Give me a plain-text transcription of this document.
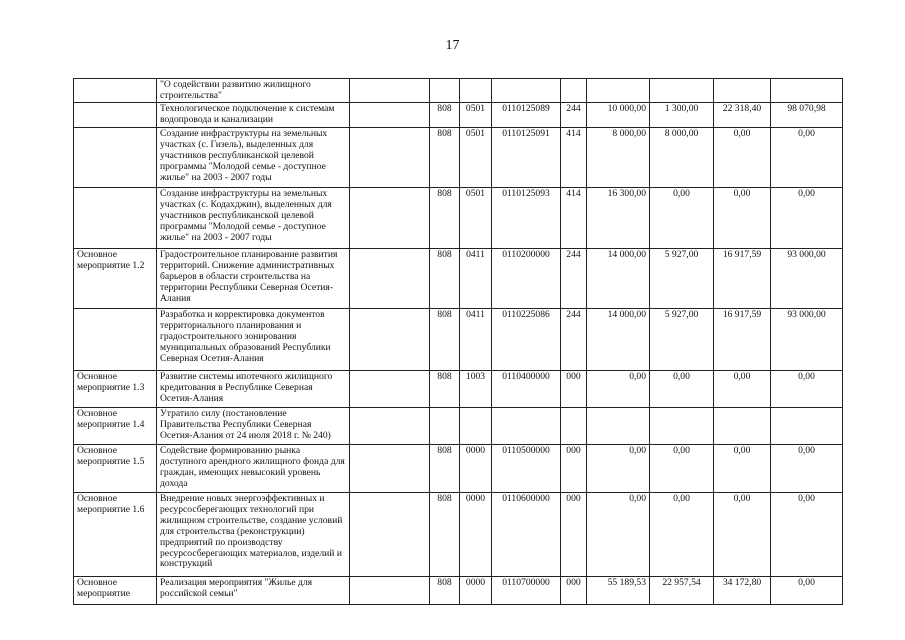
17
	"О содействии развитию жилищного строительства"									
	Технологическое подключение к системам водопровода и канализации		808	0501	0110125089	244	10 000,00	1 300,00	22 318,40	98 070,98
	Создание инфраструктуры на земельных участках (с. Гизель), выделенных для участников республиканской целевой программы "Молодой семье - доступное жилье" на 2003 - 2007 годы		808	0501	0110125091	414	8 000,00	8 000,00	0,00	0,00
	Создание инфраструктуры на земельных участках (с. Кодахджин), выделенных для участников республиканской целевой программы "Молодой семье - доступное жилье" на 2003 - 2007 годы		808	0501	0110125093	414	16 300,00	0,00	0,00	0,00
Основное мероприятие 1.2	Градостроительное планирование развития территорий. Снижение административных барьеров в области строительства на территории Республики Северная Осетия-Алания		808	0411	0110200000	244	14 000,00	5 927,00	16 917,59	93 000,00
	Разработка и корректировка документов территориального планирования и градостроительного зонирования муниципальных образований Республики Северная Осетия-Алания		808	0411	0110225086	244	14 000,00	5 927,00	16 917,59	93 000,00
Основное мероприятие 1.3	Развитие системы ипотечного жилищного кредитования в Республике Северная Осетия-Алания		808	1003	0110400000	000	0,00	0,00	0,00	0,00
Основное мероприятие 1.4	Утратило силу (постановление Правительства Республики Северная Осетия-Алания от 24 июля 2018 г. № 240)									
Основное мероприятие 1.5	Содействие формированию рынка доступного арендного жилищного фонда для граждан, имеющих невысокий уровень дохода		808	0000	0110500000	000	0,00	0,00	0,00	0,00
Основное мероприятие 1.6	Внедрение новых энергоэффективных и ресурсосберегающих технологий при жилищном строительстве, создание условий для строительства (реконструкции) предприятий по производству ресурсосберегающих материалов, изделий и конструкций		808	0000	0110600000	000	0,00	0,00	0,00	0,00
Основное мероприятие	Реализация мероприятия "Жилье для российской семьи"		808	0000	0110700000	000	55 189,53	22 957,54	34 172,80	0,00
